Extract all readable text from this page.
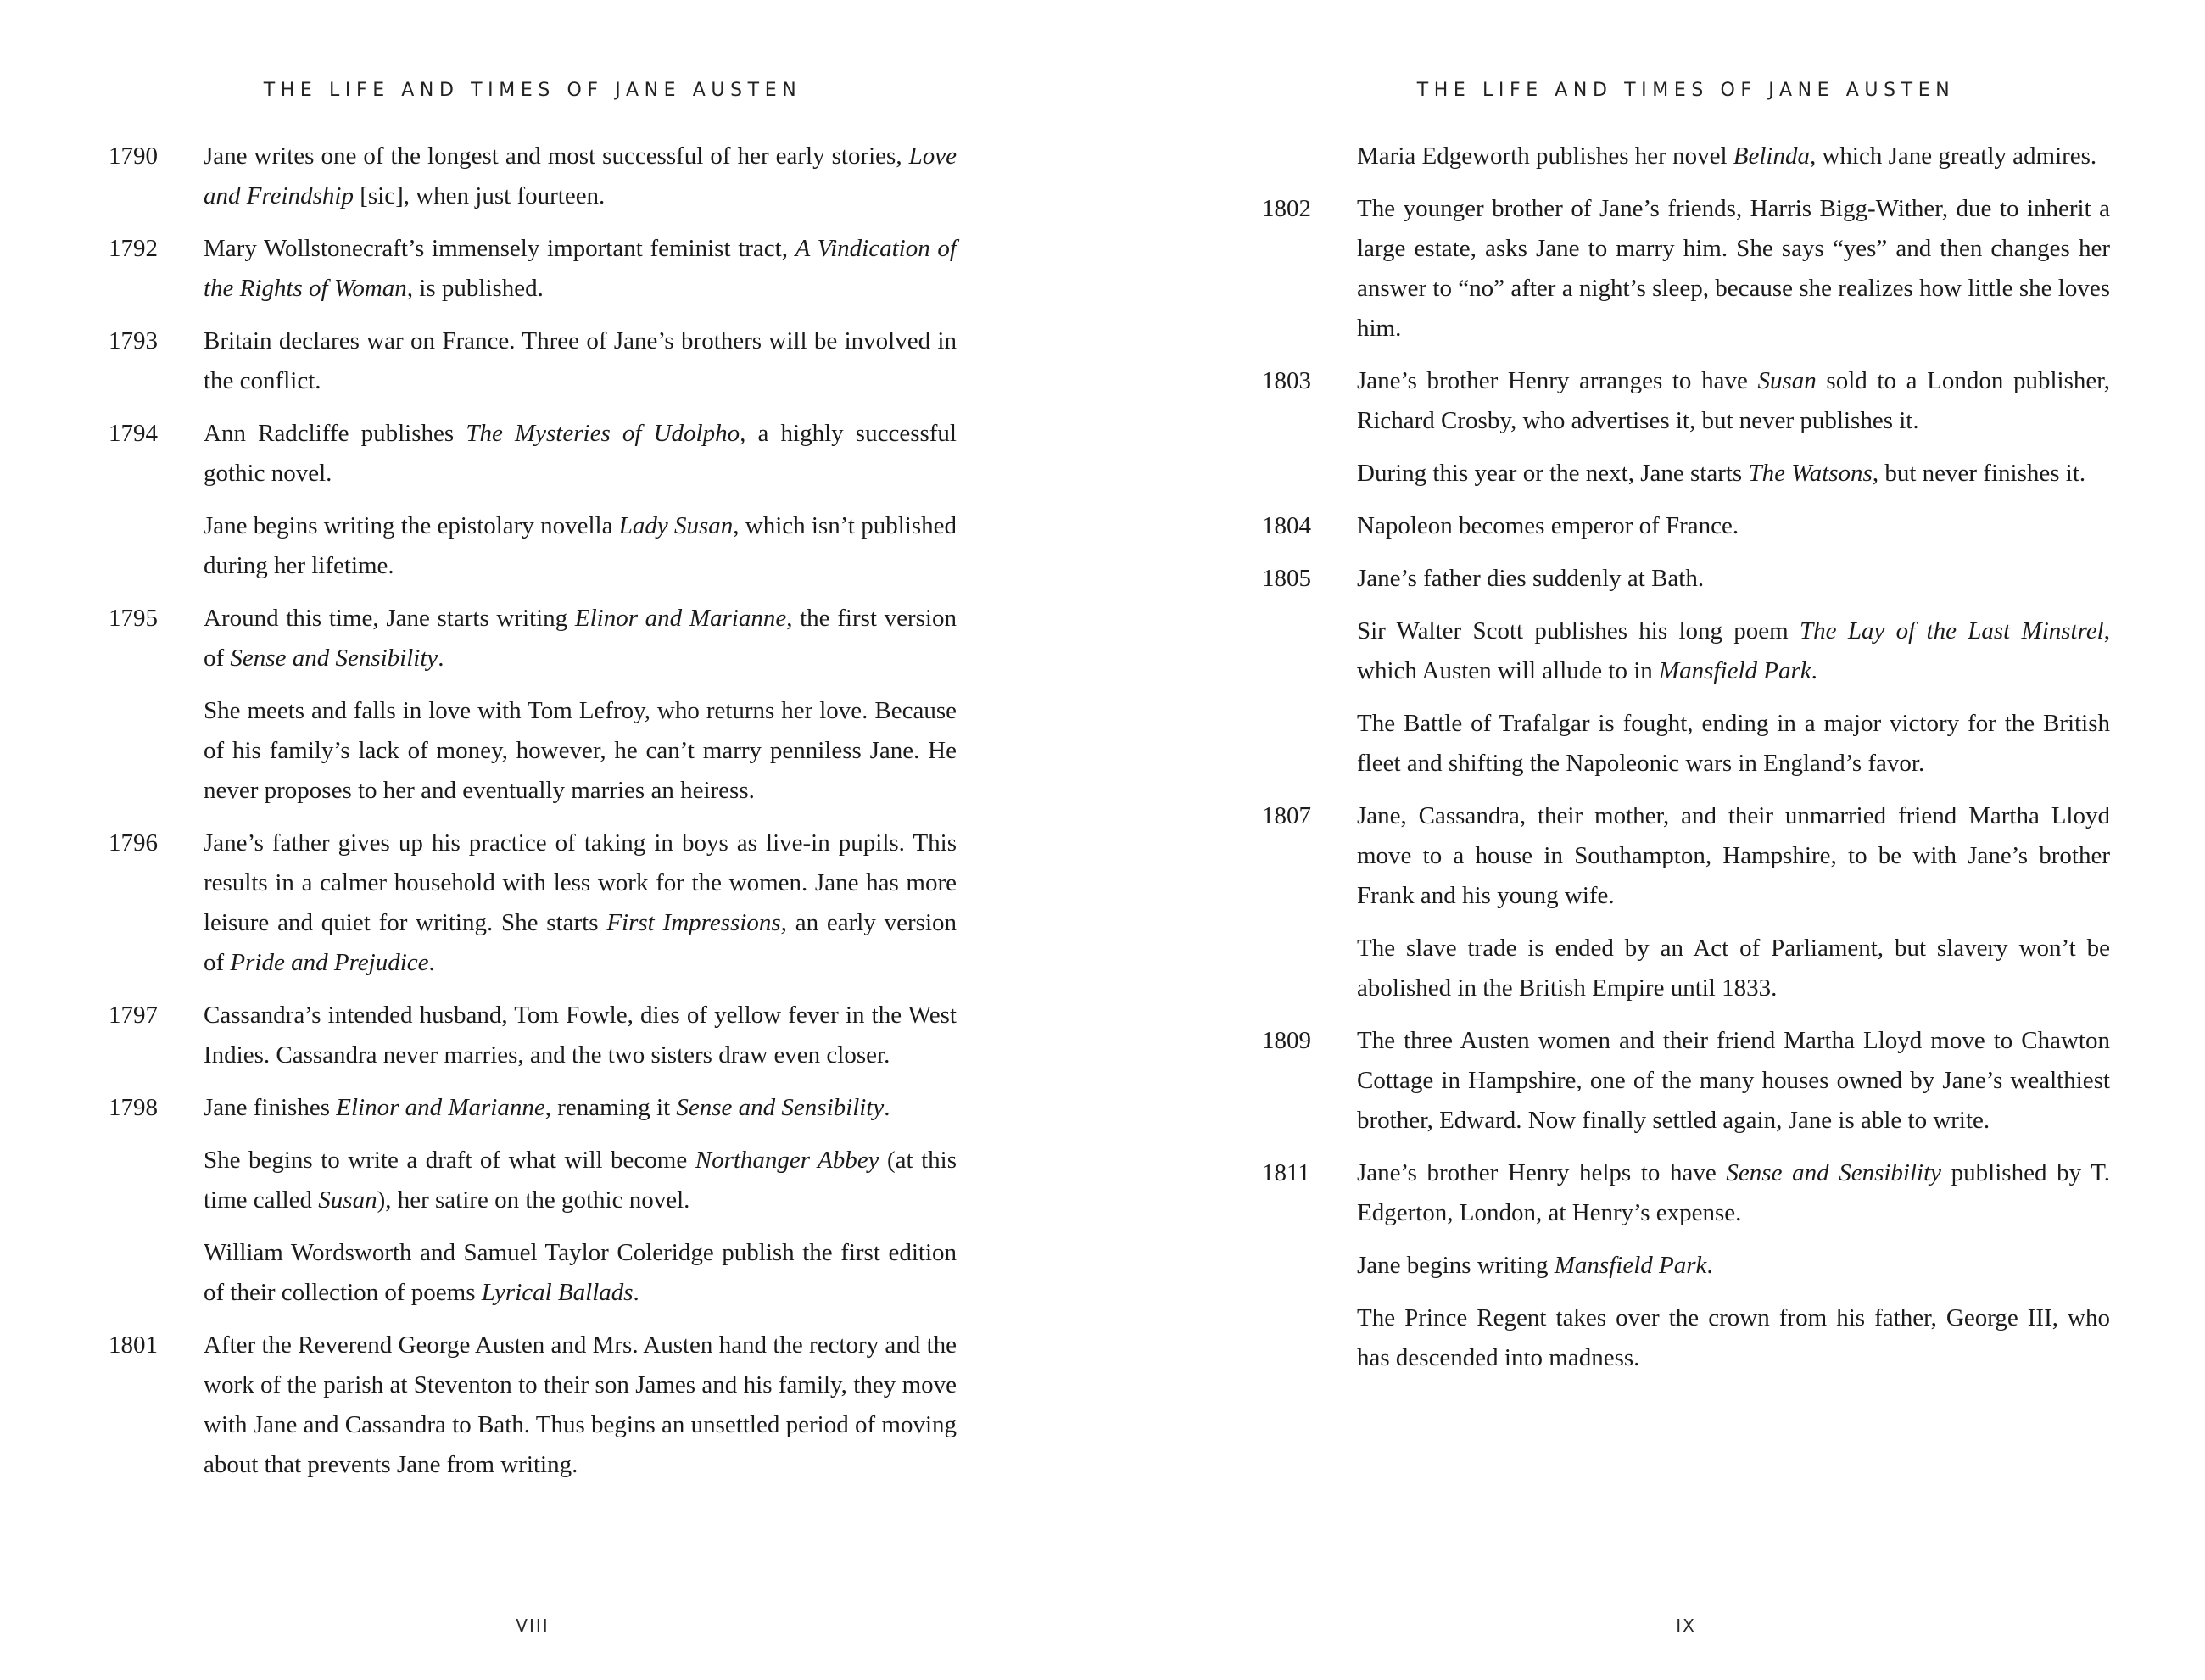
THE LIFE AND TIMES OF JANE AUSTEN
1790	Jane writes one of the longest and most successful of her early stories, Love and Freindship [sic], when just fourteen.
1792	Mary Wollstonecraft’s immensely important feminist tract, A Vindication of the Rights of Woman, is published.
1793	Britain declares war on France. Three of Jane’s brothers will be involved in the conflict.
1794	Ann Radcliffe publishes The Mysteries of Udolpho, a highly successful gothic novel.
Jane begins writing the epistolary novella Lady Susan, which isn’t published during her lifetime.
1795	Around this time, Jane starts writing Elinor and Marianne, the first version of Sense and Sensibility.
She meets and falls in love with Tom Lefroy, who returns her love. Because of his family’s lack of money, however, he can’t marry penniless Jane. He never proposes to her and eventually marries an heiress.
1796	Jane’s father gives up his practice of taking in boys as live-in pupils. This results in a calmer household with less work for the women. Jane has more leisure and quiet for writing. She starts First Impressions, an early version of Pride and Prejudice.
1797	Cassandra’s intended husband, Tom Fowle, dies of yellow fever in the West Indies. Cassandra never marries, and the two sisters draw even closer.
1798	Jane finishes Elinor and Marianne, renaming it Sense and Sensibility.
She begins to write a draft of what will become Northanger Abbey (at this time called Susan), her satire on the gothic novel.
William Wordsworth and Samuel Taylor Coleridge publish the first edition of their collection of poems Lyrical Ballads.
1801	After the Reverend George Austen and Mrs. Austen hand the rectory and the work of the parish at Steventon to their son James and his family, they move with Jane and Cassandra to Bath. Thus begins an unsettled period of moving about that prevents Jane from writing.
VIII
THE LIFE AND TIMES OF JANE AUSTEN
Maria Edgeworth publishes her novel Belinda, which Jane greatly admires.
1802	The younger brother of Jane’s friends, Harris Bigg-Wither, due to inherit a large estate, asks Jane to marry him. She says “yes” and then changes her answer to “no” after a night’s sleep, because she realizes how little she loves him.
1803	Jane’s brother Henry arranges to have Susan sold to a London publisher, Richard Crosby, who advertises it, but never publishes it.
During this year or the next, Jane starts The Watsons, but never finishes it.
1804	Napoleon becomes emperor of France.
1805	Jane’s father dies suddenly at Bath.
Sir Walter Scott publishes his long poem The Lay of the Last Minstrel, which Austen will allude to in Mansfield Park.
The Battle of Trafalgar is fought, ending in a major victory for the British fleet and shifting the Napoleonic wars in England’s favor.
1807	Jane, Cassandra, their mother, and their unmarried friend Martha Lloyd move to a house in Southampton, Hampshire, to be with Jane’s brother Frank and his young wife.
The slave trade is ended by an Act of Parliament, but slavery won’t be abolished in the British Empire until 1833.
1809	The three Austen women and their friend Martha Lloyd move to Chawton Cottage in Hampshire, one of the many houses owned by Jane’s wealthiest brother, Edward. Now finally settled again, Jane is able to write.
1811	Jane’s brother Henry helps to have Sense and Sensibility published by T. Edgerton, London, at Henry’s expense.
Jane begins writing Mansfield Park.
The Prince Regent takes over the crown from his father, George III, who has descended into madness.
IX
